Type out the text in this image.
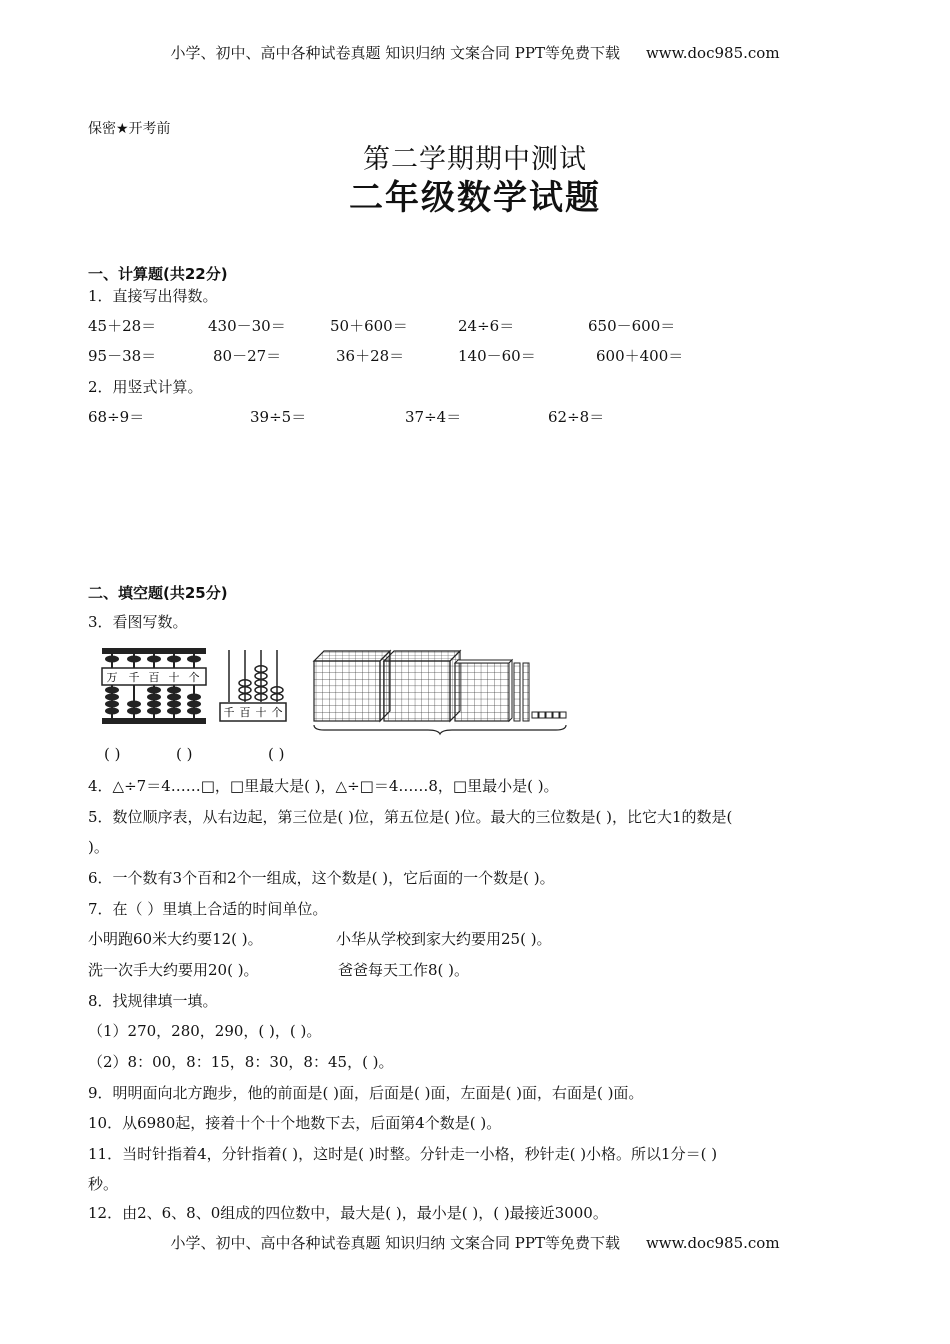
小学、初中、高中各种试卷真题 知识归纳 文案合同 PPT等免费下载 www.doc985.com
保密★开考前
第二学期期中测试
二年级数学试题
一、计算题(共22分)
1．直接写出得数。
45＋28＝	430－30＝	50＋600＝	24÷6＝	650－600＝
95－38＝	80－27＝	36＋28＝	140－60＝	600＋400＝
2．用竖式计算。
68÷9＝	39÷5＝	37÷4＝	62÷8＝
二、填空题(共25分)
3．看图写数。
万 千 百 十 个
千 百 十 个
( )	( )	( )
4．△÷7＝4……□，□里最大是( )，△÷□＝4……8，□里最小是( )。
5．数位顺序表，从右边起，第三位是( )位，第五位是( )位。最大的三位数是( )，比它大1的数是(
)。
6．一个数有3个百和2个一组成，这个数是( )，它后面的一个数是( )。
7．在（ ）里填上合适的时间单位。
小明跑60米大约要12( )。	小华从学校到家大约要用25( )。
洗一次手大约要用20( )。	爸爸每天工作8( )。
8．找规律填一填。
（1）270，280，290，( )，( )。
（2）8：00，8：15，8：30，8：45，( )。
9．明明面向北方跑步，他的前面是( )面，后面是( )面，左面是( )面，右面是( )面。
10．从6980起，接着十个十个地数下去，后面第4个数是( )。
11．当时针指着4，分针指着( )，这时是( )时整。分针走一小格，秒针走( )小格。所以1分＝( )
秒。
12．由2、6、8、0组成的四位数中，最大是( )，最小是( )，( )最接近3000。
小学、初中、高中各种试卷真题 知识归纳 文案合同 PPT等免费下载 www.doc985.com
